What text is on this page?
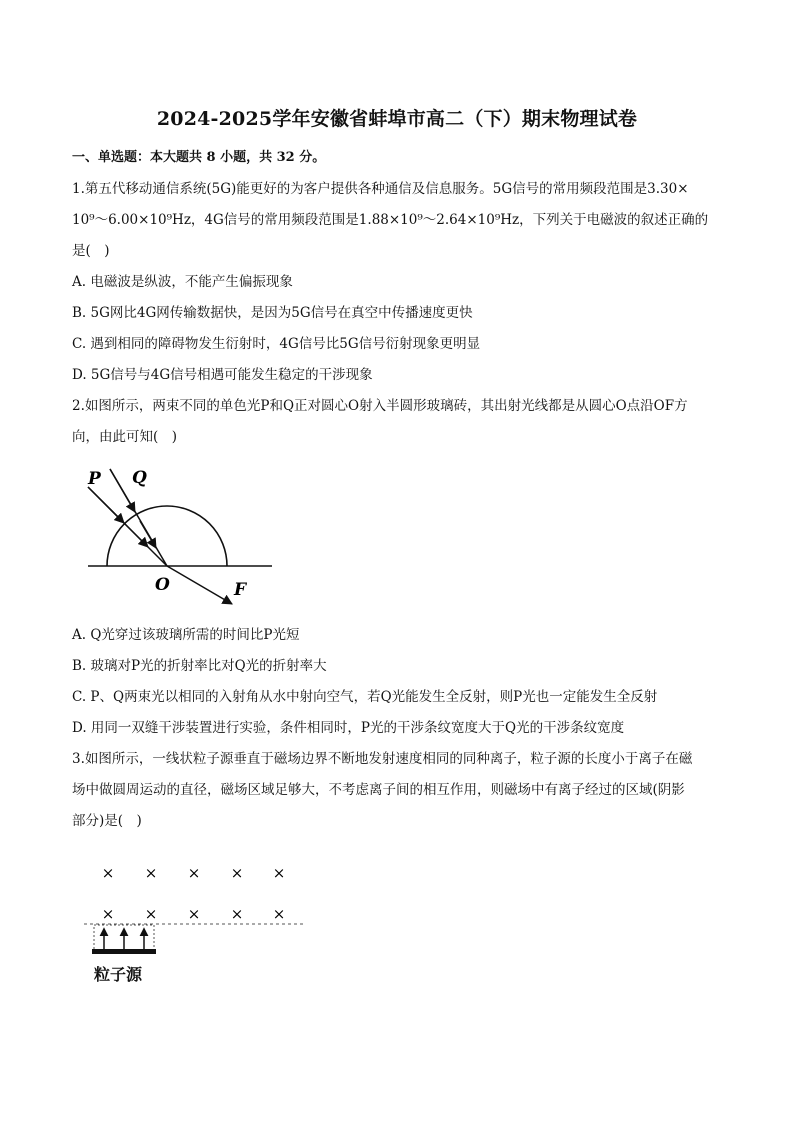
2024-2025学年安徽省蚌埠市高二（下）期末物理试卷
一、单选题：本大题共 8 小题，共 32 分。
1.第五代移动通信系统(5G)能更好的为客户提供各种通信及信息服务。5G信号的常用频段范围是3.30×
10⁹～6.00×10⁹Hz，4G信号的常用频段范围是1.88×10⁹～2.64×10⁹Hz，下列关于电磁波的叙述正确的
是(　)
A. 电磁波是纵波，不能产生偏振现象
B. 5G网比4G网传输数据快，是因为5G信号在真空中传播速度更快
C. 遇到相同的障碍物发生衍射时，4G信号比5G信号衍射现象更明显
D. 5G信号与4G信号相遇可能发生稳定的干涉现象
2.如图所示，两束不同的单色光P和Q正对圆心O射入半圆形玻璃砖，其出射光线都是从圆心O点沿OF方
向，由此可知(　)
P Q
O	F
A. Q光穿过该玻璃所需的时间比P光短
B. 玻璃对P光的折射率比对Q光的折射率大
C. P、Q两束光以相同的入射角从水中射向空气，若Q光能发生全反射，则P光也一定能发生全反射
D. 用同一双缝干涉装置进行实验，条件相同时，P光的干涉条纹宽度大于Q光的干涉条纹宽度
3.如图所示，一线状粒子源垂直于磁场边界不断地发射速度相同的同种离子，粒子源的长度小于离子在磁
场中做圆周运动的直径，磁场区域足够大，不考虑离子间的相互作用，则磁场中有离子经过的区域(阴影
部分)是(　)
× × × × ×
× × × × ×
粒子源
